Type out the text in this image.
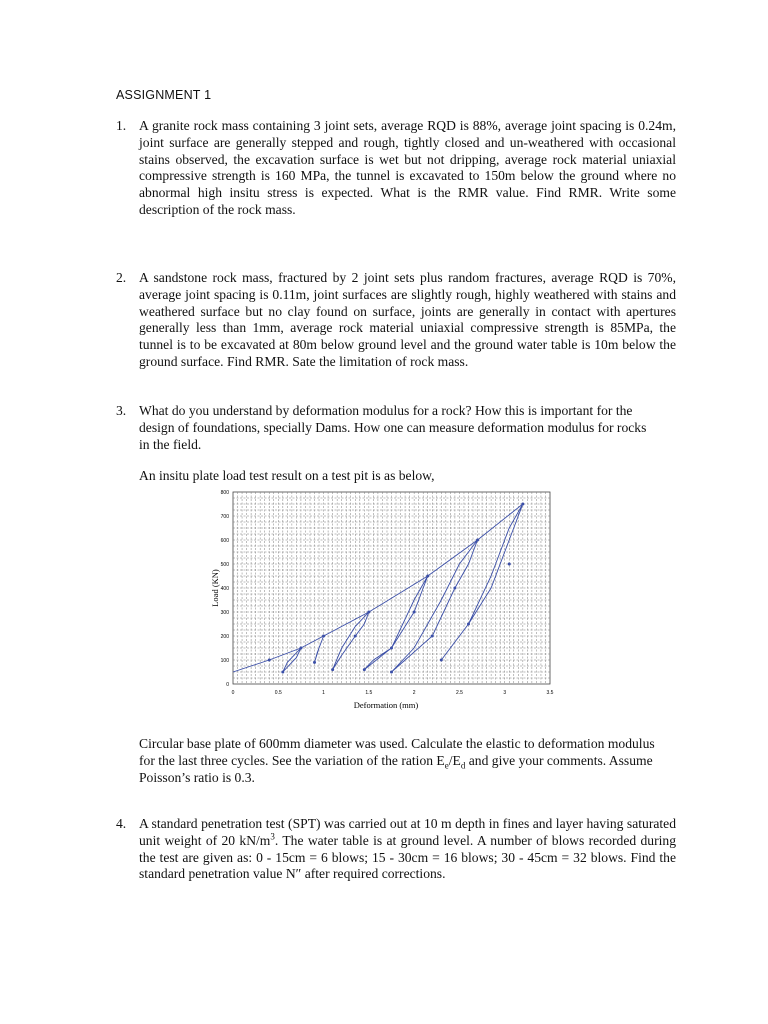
ASSIGNMENT 1
1. A granite rock mass containing 3 joint sets, average RQD is 88%, average joint spacing is 0.24m, joint surface are generally stepped and rough, tightly closed and un-weathered with occasional stains observed, the excavation surface is wet but not dripping, average rock material uniaxial compressive strength is 160 MPa, the tunnel is excavated to 150m below the ground where no abnormal high insitu stress is expected. What is the RMR value. Find RMR. Write some description of the rock mass.
2. A sandstone rock mass, fractured by 2 joint sets plus random fractures, average RQD is 70%, average joint spacing is 0.11m, joint surfaces are slightly rough, highly weathered with stains and weathered surface but no clay found on surface, joints are generally in contact with apertures generally less than 1mm, average rock material uniaxial compressive strength is 85MPa, the tunnel is to be excavated at 80m below ground level and the ground water table is 10m below the ground surface. Find RMR. Sate the limitation of rock mass.
3. What do you understand by deformation modulus for a rock? How this is important for the design of foundations, specially Dams. How one can measure deformation modulus for rocks in the field.
An insitu plate load test result on a test pit is as below,
0	0.5	1	1.5	2	2.5	3	3.5
0
100
200
300
400
500
600
700
800
Deformation (mm)
Load (KN)
Circular base plate of 600mm diameter was used. Calculate the elastic to deformation modulus for the last three cycles. See the variation of the ration $E_e/E_d$ and give your comments. Assume Poisson’s ratio is 0.3.
4. A standard penetration test (SPT) was carried out at 10 m depth in fines and layer having saturated unit weight of 20 $kN/m^3$. The water table is at ground level. A number of blows recorded during the test are given as: 0 - 15cm = 6 blows; 15 - 30cm = 16 blows; 30 - 45cm = 32 blows. Find the standard penetration value N″ after required corrections.
